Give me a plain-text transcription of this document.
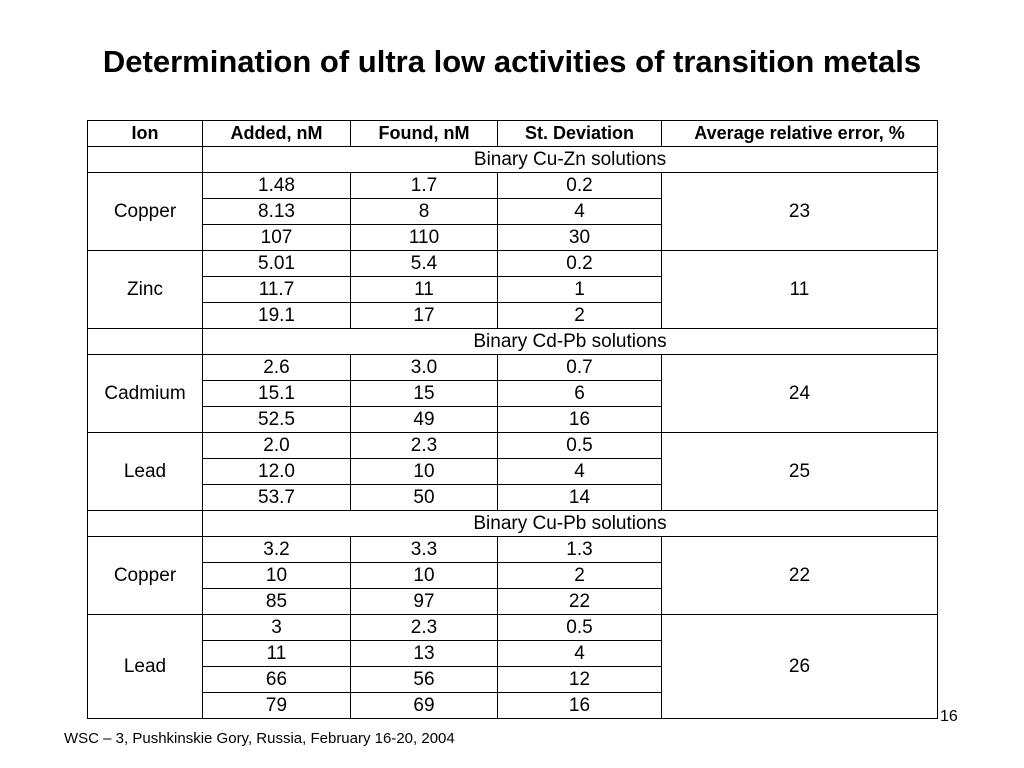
Determination of ultra low activities of transition metals
Ion	Added, nM	Found, nM	St. Deviation	Average relative error, %
	Binary Cu-Zn solutions			
Copper	1.48	1.7	0.2	23
	8.13	8	4	
	107	110	30	
Zinc	5.01	5.4	0.2	11
	11.7	11	1	
	19.1	17	2	
	Binary Cd-Pb solutions			
Cadmium	2.6	3.0	0.7	24
	15.1	15	6	
	52.5	49	16	
Lead	2.0	2.3	0.5	25
	12.0	10	4	
	53.7	50	14	
	Binary Cu-Pb solutions			
Copper	3.2	3.3	1.3	22
	10	10	2	
	85	97	22	
Lead	3	2.3	0.5	26
	11	13	4	
	66	56	12	
	79	69	16	
16
WSC – 3, Pushkinskie Gory, Russia, February 16-20, 2004
